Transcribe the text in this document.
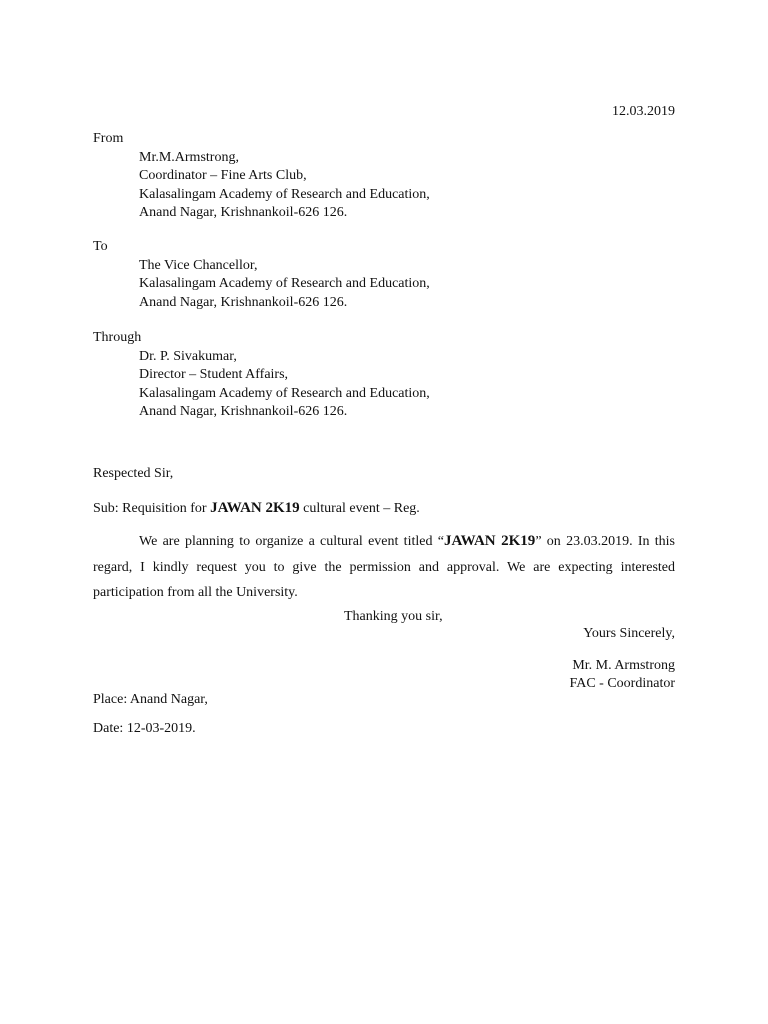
12.03.2019
From
Mr.M.Armstrong,
Coordinator – Fine Arts Club,
Kalasalingam Academy of Research and Education,
Anand Nagar, Krishnankoil-626 126.
To
The Vice Chancellor,
Kalasalingam Academy of Research and Education,
Anand Nagar, Krishnankoil-626 126.
Through
Dr. P. Sivakumar,
Director – Student Affairs,
Kalasalingam Academy of Research and Education,
Anand Nagar, Krishnankoil-626 126.
Respected Sir,
Sub: Requisition for JAWAN 2K19 cultural event – Reg.
We are planning to organize a cultural event titled “JAWAN 2K19” on 23.03.2019. In this regard, I kindly request you to give the permission and approval. We are expecting interested participation from all the University.
Thanking you sir,
Yours Sincerely,
Mr. M. Armstrong
FAC - Coordinator
Place: Anand Nagar,
Date: 12-03-2019.
